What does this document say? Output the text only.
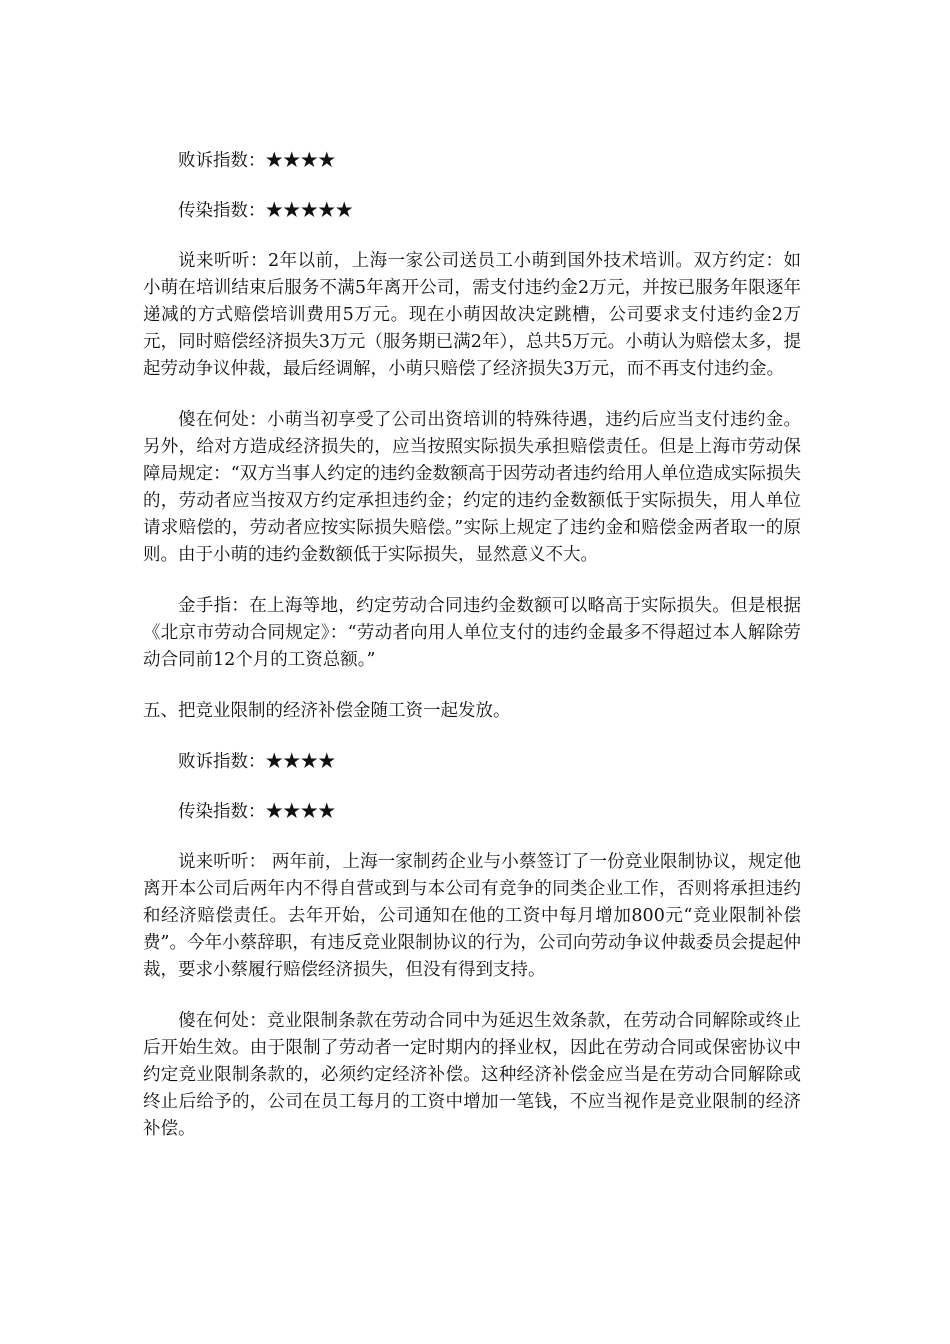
败诉指数：★★★★

传染指数：★★★★★

说来听听：2年以前，上海一家公司送员工小萌到国外技术培训。双方约定：如小萌在培训结束后服务不满5年离开公司，需支付违约金2万元，并按已服务年限逐年递减的方式赔偿培训费用5万元。现在小萌因故决定跳槽，公司要求支付违约金2万元，同时赔偿经济损失3万元（服务期已满2年），总共5万元。小萌认为赔偿太多，提起劳动争议仲裁，最后经调解，小萌只赔偿了经济损失3万元，而不再支付违约金。

傻在何处：小萌当初享受了公司出资培训的特殊待遇，违约后应当支付违约金。另外，给对方造成经济损失的，应当按照实际损失承担赔偿责任。但是上海市劳动保障局规定：“双方当事人约定的违约金数额高于因劳动者违约给用人单位造成实际损失的，劳动者应当按双方约定承担违约金；约定的违约金数额低于实际损失，用人单位请求赔偿的，劳动者应按实际损失赔偿。”实际上规定了违约金和赔偿金两者取一的原则。由于小萌的违约金数额低于实际损失，显然意义不大。

金手指：在上海等地，约定劳动合同违约金数额可以略高于实际损失。但是根据《北京市劳动合同规定》：“劳动者向用人单位支付的违约金最多不得超过本人解除劳动合同前12个月的工资总额。”

五、把竞业限制的经济补偿金随工资一起发放。

败诉指数：★★★★

传染指数：★★★★

说来听听： 两年前，上海一家制药企业与小蔡签订了一份竞业限制协议，规定他离开本公司后两年内不得自营或到与本公司有竞争的同类企业工作，否则将承担违约和经济赔偿责任。去年开始，公司通知在他的工资中每月增加800元“竞业限制补偿费”。今年小蔡辞职，有违反竞业限制协议的行为，公司向劳动争议仲裁委员会提起仲裁，要求小蔡履行赔偿经济损失，但没有得到支持。

傻在何处：竞业限制条款在劳动合同中为延迟生效条款，在劳动合同解除或终止后开始生效。由于限制了劳动者一定时期内的择业权，因此在劳动合同或保密协议中约定竞业限制条款的，必须约定经济补偿。这种经济补偿金应当是在劳动合同解除或终止后给予的，公司在员工每月的工资中增加一笔钱，不应当视作是竞业限制的经济补偿。
